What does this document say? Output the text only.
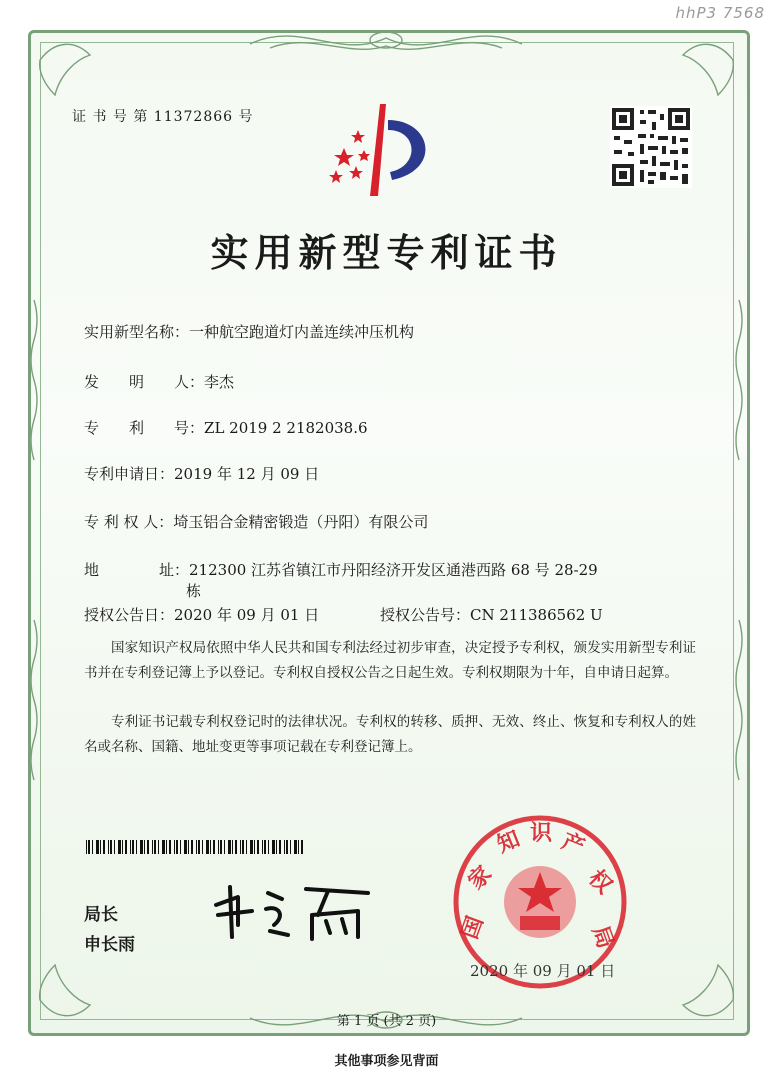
hhP3 7568
证 书 号 第 11372866 号
实用新型专利证书
实用新型名称：一种航空跑道灯内盖连续冲压机构
发　　明　　人：李杰
专　　利　　号：ZL 2019 2 2182038.6
专利申请日：2019 年 12 月 09 日
专 利 权 人：埼玉铝合金精密锻造（丹阳）有限公司
地　　　　址：212300 江苏省镇江市丹阳经济开发区通港西路 68 号 28-29
栋
授权公告日：2020 年 09 月 01 日	授权公告号：CN 211386562 U
国家知识产权局依照中华人民共和国专利法经过初步审查，决定授予专利权，颁发实用新型专利证书并在专利登记簿上予以登记。专利权自授权公告之日起生效。专利权期限为十年，自申请日起算。
专利证书记载专利权登记时的法律状况。专利权的转移、质押、无效、终止、恢复和专利权人的姓名或名称、国籍、地址变更等事项记载在专利登记簿上。
局长
申长雨
国
家
知 识 产
权
局
2020 年 09 月 01 日
第 1 页 (共 2 页)
其他事项参见背面
